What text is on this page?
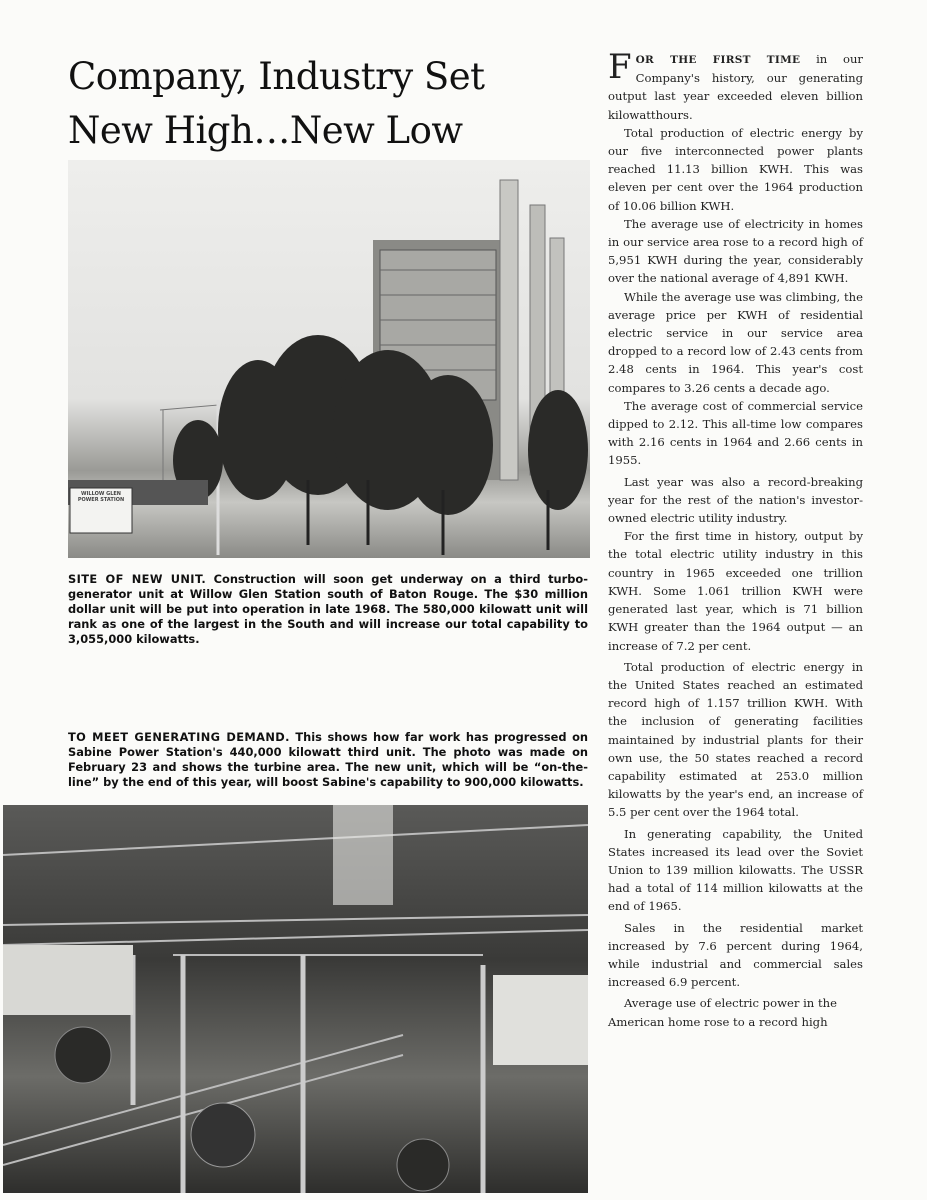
Company, Industry Set
New High…New Low
WILLOW GLEN POWER STATION
SITE OF NEW UNIT. Construction will soon get underway on a third turbo-generator unit at Willow Glen Station south of Baton Rouge. The $30 million dollar unit will be put into operation in late 1968. The 580,000 kilowatt unit will rank as one of the largest in the South and will increase our total capability to 3,055,000 kilowatts.
TO MEET GENERATING DEMAND. This shows how far work has progressed on Sabine Power Station's 440,000 kilowatt third unit. The photo was made on February 23 and shows the turbine area. The new unit, which will be “on-the-line” by the end of this year, will boost Sabine's capability to 900,000 kilowatts.

FOR THE FIRST TIME in our Company's history, our generating output last year exceeded eleven billion kilowatthours.

Total production of electric energy by our five interconnected power plants reached 11.13 billion KWH. This was eleven per cent over the 1964 production of 10.06 billion KWH.

The average use of electricity in homes in our service area rose to a record high of 5,951 KWH during the year, considerably over the national average of 4,891 KWH.

While the average use was climbing, the average price per KWH of residential electric service in our service area dropped to a record low of 2.43 cents from 2.48 cents in 1964. This year's cost compares to 3.26 cents a decade ago.

The average cost of commercial service dipped to 2.12. This all-time low compares with 2.16 cents in 1964 and 2.66 cents in 1955.

Last year was also a record-breaking year for the rest of the nation's investor-owned electric utility industry.

For the first time in history, output by the total electric utility industry in this country in 1965 exceeded one trillion KWH. Some 1.061 trillion KWH were generated last year, which is 71 billion KWH greater than the 1964 output — an increase of 7.2 per cent.

Total production of electric energy in the United States reached an estimated record high of 1.157 trillion KWH. With the inclusion of generating facilities maintained by industrial plants for their own use, the 50 states reached a record capability estimated at 253.0 million kilowatts by the year's end, an increase of 5.5 per cent over the 1964 total.

In generating capability, the United States increased its lead over the Soviet Union to 139 million kilowatts. The USSR had a total of 114 million kilowatts at the end of 1965.

Sales in the residential market increased by 7.6 percent during 1964, while industrial and commercial sales increased 6.9 percent.

Average use of electric power in the American home rose to a record high
